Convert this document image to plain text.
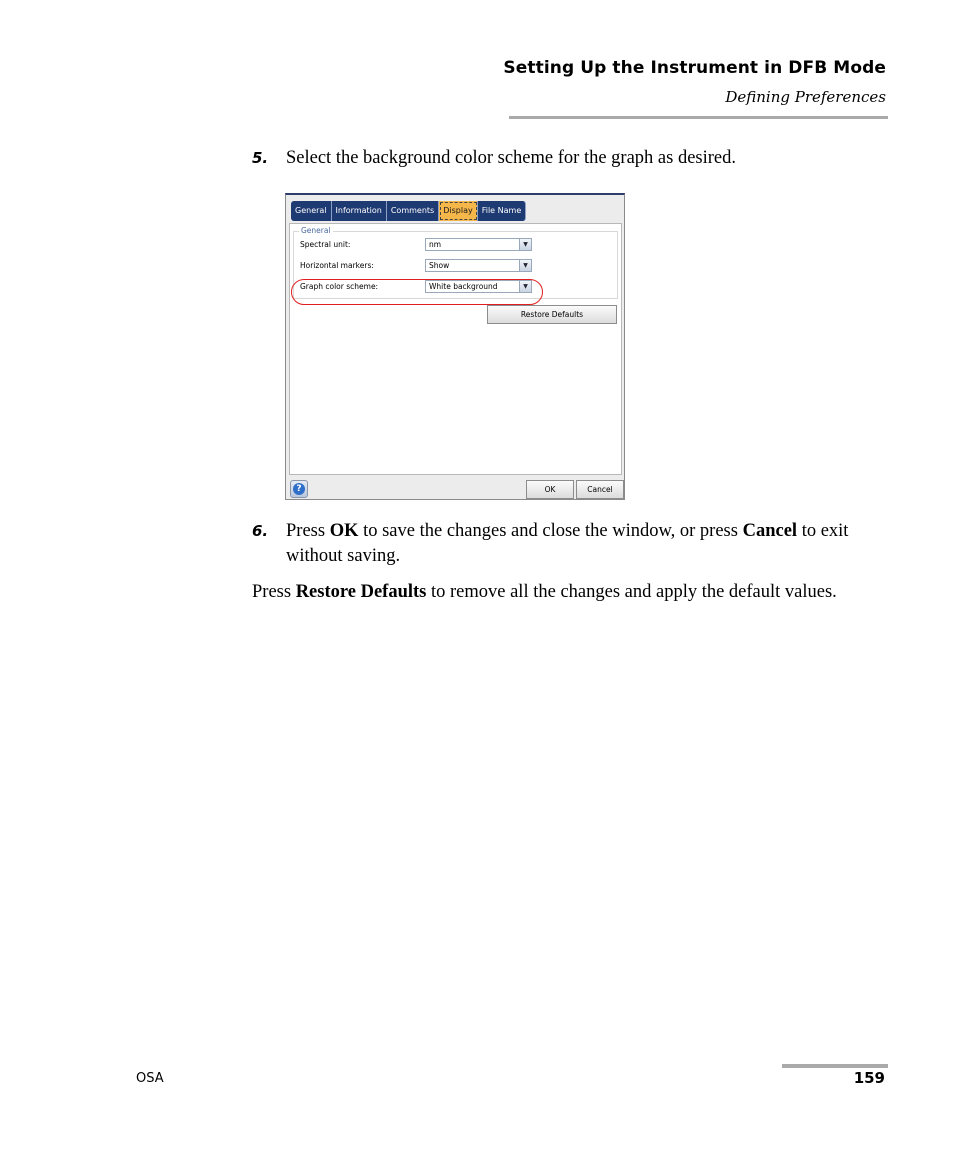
Setting Up the Instrument in DFB Mode
Defining Preferences
5. Select the background color scheme for the graph as desired.
General	Information	Comments	Display	File Name
General
Spectral unit:	nm	▼
Horizontal markers:	Show	▼
Graph color scheme:	White background	▼
Restore Defaults
?	OK	Cancel
6. Press OK to save the changes and close the window, or press Cancel to exit without saving.
Press Restore Defaults to remove all the changes and apply the default values.
OSA	159
